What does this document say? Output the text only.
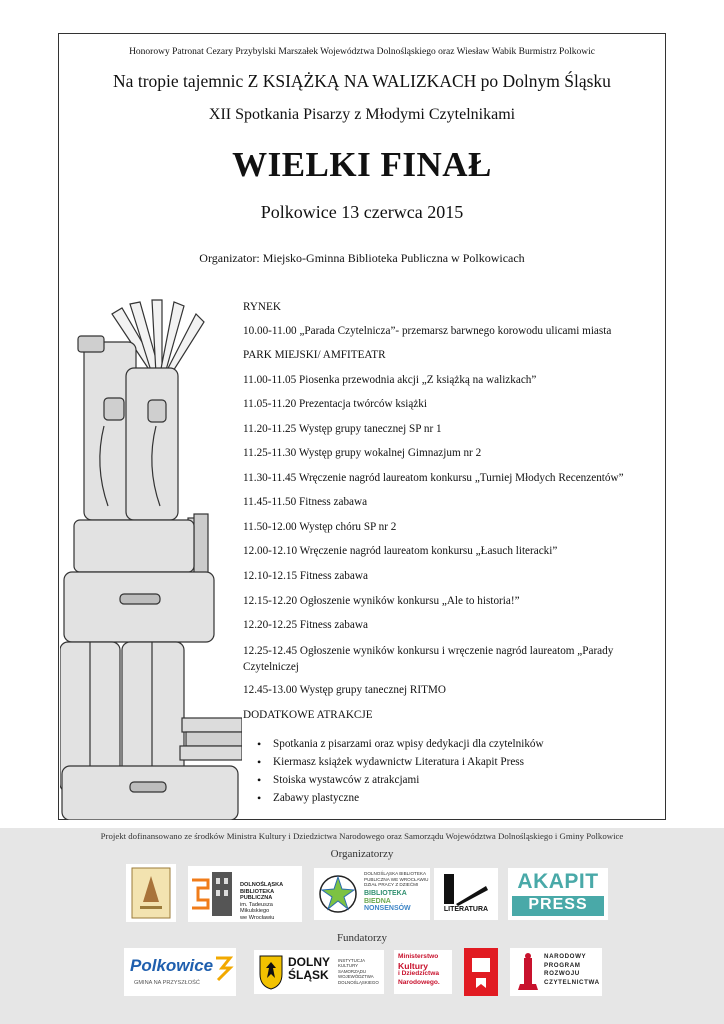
Honorowy Patronat Cezary Przybylski Marszałek Województwa Dolnośląskiego oraz Wiesław Wabik Burmistrz Polkowic
Na tropie tajemnic Z KSIĄŻKĄ NA WALIZKACH po Dolnym Śląsku
XII Spotkania Pisarzy z Młodymi Czytelnikami
WIELKI FINAŁ
Polkowice 13 czerwca 2015
Organizator: Miejsko-Gminna Biblioteka Publiczna w Polkowicach
RYNEK
10.00-11.00 „Parada Czytelnicza”- przemarsz barwnego korowodu ulicami miasta
PARK MIEJSKI/ AMFITEATR
11.00-11.05 Piosenka przewodnia akcji „Z książką na walizkach”
11.05-11.20 Prezentacja twórców książki
11.20-11.25 Występ grupy tanecznej SP nr 1
11.25-11.30 Występ grupy wokalnej Gimnazjum nr 2
11.30-11.45 Wręczenie nagród laureatom konkursu „Turniej Młodych Recenzentów”
11.45-11.50 Fitness zabawa
11.50-12.00 Występ chóru SP nr 2
12.00-12.10 Wręczenie nagród laureatom konkursu „Łasuch literacki”
12.10-12.15 Fitness zabawa
12.15-12.20 Ogłoszenie wyników konkursu „Ale to historia!”
12.20-12.25 Fitness zabawa
12.25-12.45 Ogłoszenie wyników konkursu i wręczenie nagród laureatom „Parady Czytelniczej
12.45-13.00 Występ grupy tanecznej RITMO
DODATKOWE ATRAKCJE
• Spotkania z pisarzami oraz wpisy dedykacji dla czytelników
• Kiermasz książek wydawnictw Literatura i Akapit Press
• Stoiska wystawców z atrakcjami
• Zabawy plastyczne
Projekt dofinansowano ze środków Ministra Kultury i Dziedzictwa Narodowego oraz Samorządu Województwa Dolnośląskiego i Gminy Polkowice
Organizatorzy
Fundatorzy
DOLNOŚLĄSKA
BIBLIOTEKA PUBLICZNA
im. Tadeusza Mikulskiego
we Wrocławiu
DOLNOŚLĄSKA BIBLIOTEKA
PUBLICZNA WE WROCŁAWIU
DZIAŁ PRACY Z DZIEĆMI
BIBLIOTEKA
BIEDNA
NONSENSÓW	LITERATURA
AKAPIT
PRESS
Polkowice
GMINA NA PRZYSZŁOŚĆ
DOLNY
ŚLĄSK
INSTYTUCJA KULTURY
SAMORZĄDU
WOJEWÓDZTWA
DOLNOŚLĄSKIEGO
Ministerstwo
Kultury
i Dziedzictwa
Narodowego.
NARODOWY
PROGRAM
ROZWOJU
CZYTELNICTWA
